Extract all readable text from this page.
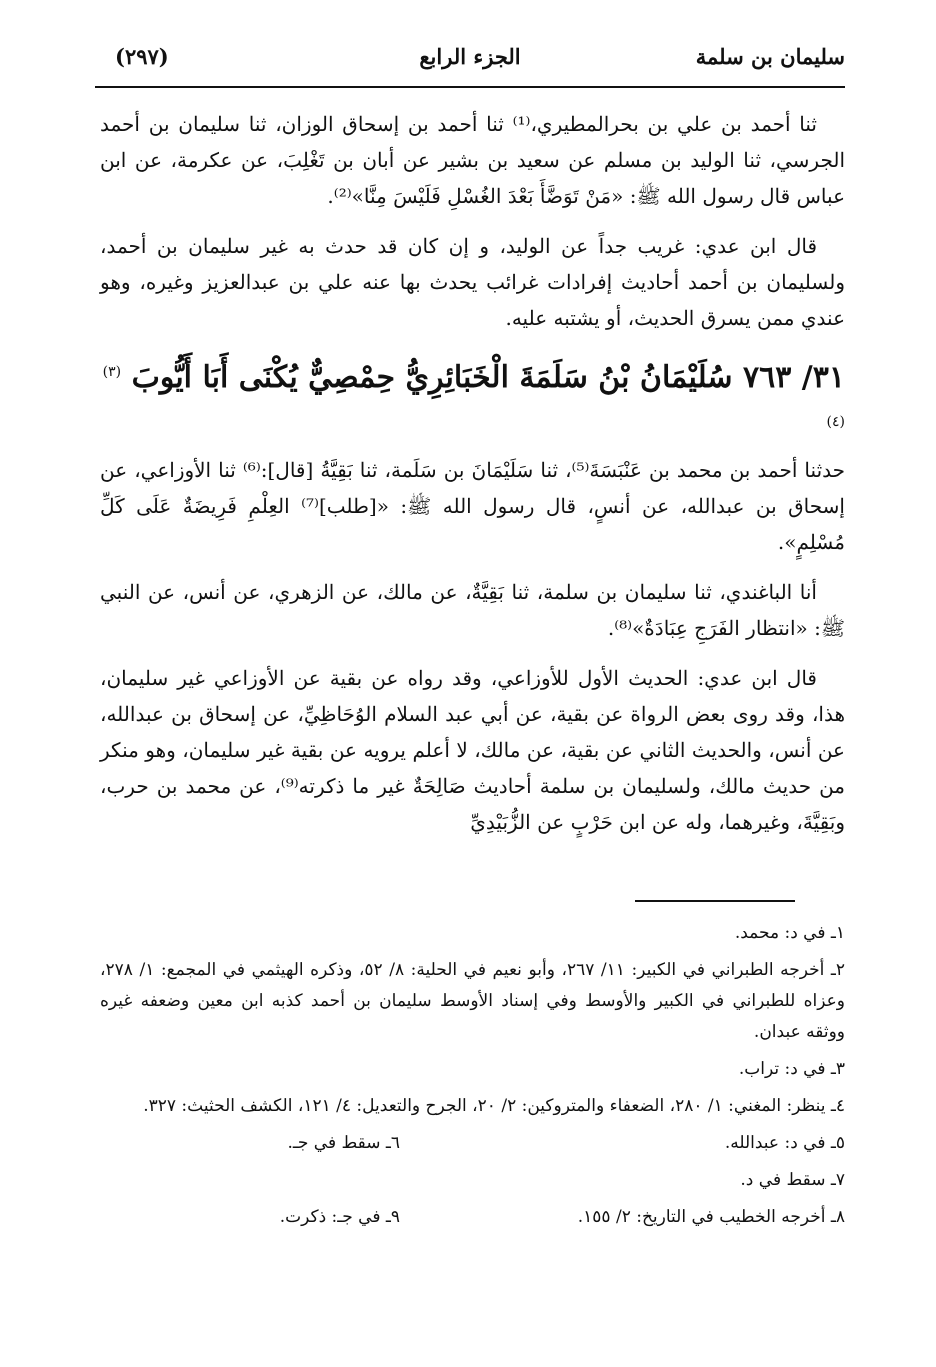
سليمان بن سلمة
الجزء الرابع
(٢٩٧)

ثنا أحمد بن علي بن بحرالمطيري،⁽¹⁾ ثنا أحمد بن إسحاق الوزان، ثنا سليمان بن أحمد الجرسي، ثنا الوليد بن مسلم عن سعيد بن بشير عن أبان بن تَغْلِبَ، عن عكرمة، عن ابن عباس قال رسول الله ﷺ: «مَنْ تَوَضَّأَ بَعْدَ الغُسْلِ فَلَيْسَ مِنَّا»⁽²⁾.

قال ابن عدي: غريب جداً عن الوليد، و إن كان قد حدث به غير سليمان بن أحمد، ولسليمان بن أحمد أحاديث إفرادات غرائب يحدث بها عنه علي بن عبدالعزيز وغيره، وهو عندي ممن يسرق الحديث، أو يشتبه عليه.

٣١/ ٧٦٣ سُلَيْمَانُ بْنُ سَلَمَةَ الْخَبَائِرِيُّ حِمْصِيٌّ يُكْنَى أَبَا أَيُّوبَ $^{(٣)(٤)}$

حدثنا أحمد بن محمد بن عَنْبَسَةَ⁽⁵⁾، ثنا سَلَيْمَانَ بن سَلَمة، ثنا بَقِيَّةُ [قال]:⁽⁶⁾ ثنا الأوزاعي، عن إسحاق بن عبدالله، عن أنسٍ، قال رسول الله ﷺ: «[طلب]⁽⁷⁾ العِلْمِ فَرِيضَةٌ عَلَى كَلِّ مُسْلِمٍ».

أنا الباغندي، ثنا سليمان بن سلمة، ثنا بَقِيَّةٌ، عن مالك، عن الزهري، عن أنس، عن النبي ﷺ: «انتظار الفَرَجِ عِبَادَةٌ»⁽⁸⁾.

قال ابن عدي: الحديث الأول للأوزاعي، وقد رواه عن بقية عن الأوزاعي غير سليمان، هذا، وقد روى بعض الرواة عن بقية، عن أبي عبد السلام الوُحَاظِيِّ، عن إسحاق بن عبدالله، عن أنس، والحديث الثاني عن بقية، عن مالك، لا أعلم يرويه عن بقية غير سليمان، وهو منكر من حديث مالك، ولسليمان بن سلمة أحاديث صَالِحَةٌ غير ما ذكرته⁽⁹⁾، عن محمد بن حرب، وبَقِيَّةَ، وغيرهما، وله عن ابن حَرْبٍ عن الزُّبَيْدِيِّ

١ـ في د: محمد.

٢ـ أخرجه الطبراني في الكبير: ١١/ ٢٦٧، وأبو نعيم في الحلية: ٨/ ٥٢، وذكره الهيثمي في المجمع: ١/ ٢٧٨، وعزاه للطبراني في الكبير والأوسط وفي إسناد الأوسط سليمان بن أحمد كذبه ابن معين وضعفه غيره ووثقه عبدان.

٣ـ في د: تراب.

٤ـ ينظر: المغني: ١/ ٢٨٠، الضعفاء والمتروكين: ٢/ ٢٠، الجرح والتعديل: ٤/ ١٢١، الكشف الحثيث: ٣٢٧.

٥ـ في د: عبدالله.

٦ـ سقط في جـ.

٧ـ سقط في د.

٨ـ أخرجه الخطيب في التاريخ: ٢/ ١٥٥.

٩ـ في جـ: ذكرت.
